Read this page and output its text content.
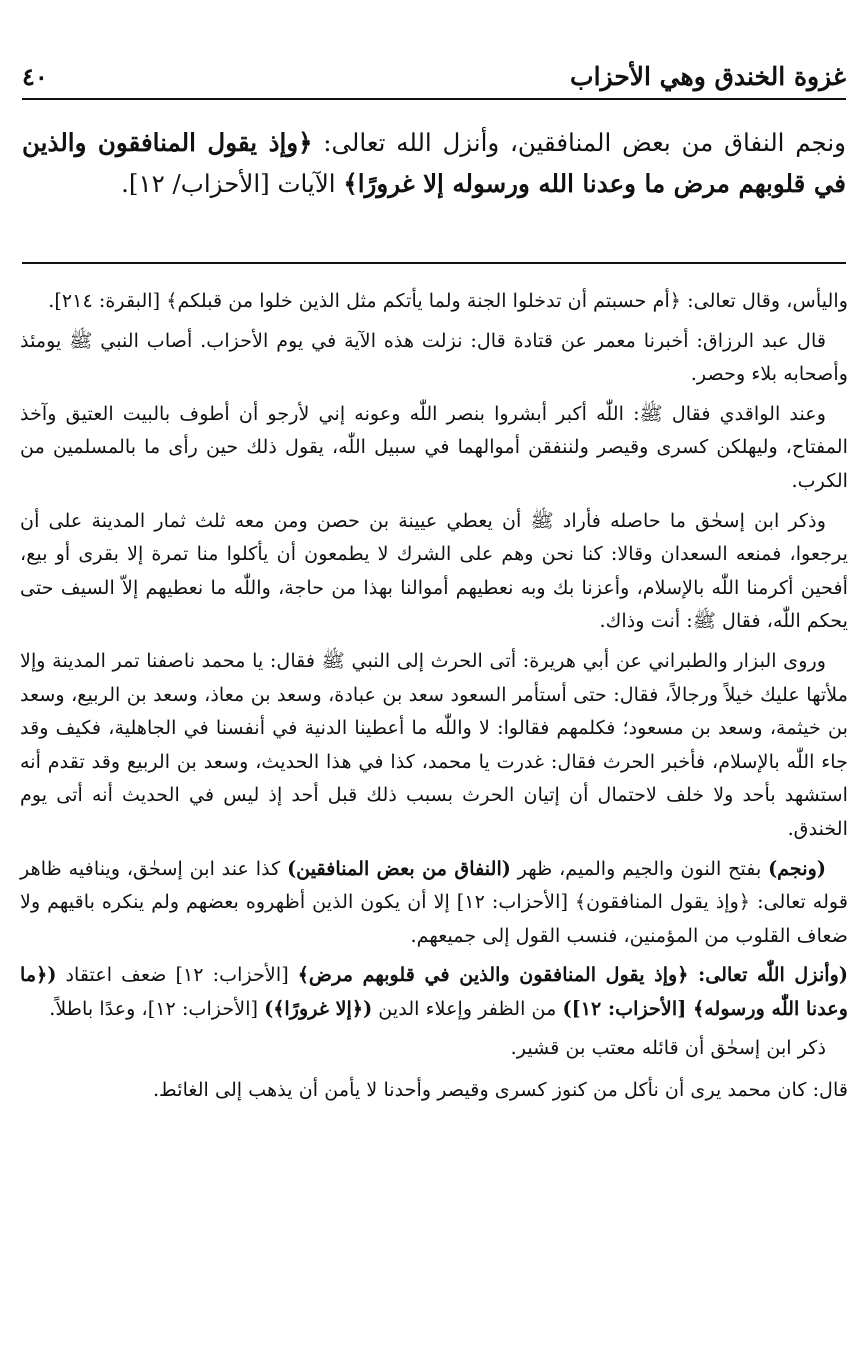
غزوة الخندق وهي الأحزاب
٤٠
ونجم النفاق من بعض المنافقين، وأنزل الله تعالى: ﴿وإذ يقول المنافقون والذين في قلوبهم مرض ما وعدنا الله ورسوله إلا غرورًا﴾ الآيات [الأحزاب/ ١٢].

واليأس، وقال تعالى: ﴿أم حسبتم أن تدخلوا الجنة ولما يأتكم مثل الذين خلوا من قبلكم﴾ [البقرة: ٢١٤].

قال عبد الرزاق: أخبرنا معمر عن قتادة قال: نزلت هذه الآية في يوم الأحزاب. أصاب النبي ﷺ يومئذ وأصحابه بلاء وحصر.

وعند الواقدي فقال ﷺ: اللّٰه أكبر أبشروا بنصر اللّٰه وعونه إني لأرجو أن أطوف بالبيت العتيق وآخذ المفتاح، وليهلكن كسرى وقيصر ولننفقن أموالهما في سبيل اللّٰه، يقول ذلك حين رأى ما بالمسلمين من الكرب.

وذكر ابن إسحٰق ما حاصله فأراد ﷺ أن يعطي عيينة بن حصن ومن معه ثلث ثمار المدينة على أن يرجعوا، فمنعه السعدان وقالا: كنا نحن وهم على الشرك لا يطمعون أن يأكلوا منا تمرة إلا بقرى أو بيع، أفحين أكرمنا اللّٰه بالإسلام، وأعزنا بك وبه نعطيهم أموالنا بهذا من حاجة، واللّٰه ما نعطيهم إلاّ السيف حتى يحكم اللّٰه، فقال ﷺ: أنت وذاك.

وروى البزار والطبراني عن أبي هريرة: أتى الحرث إلى النبي ﷺ فقال: يا محمد ناصفنا تمر المدينة وإلا ملأتها عليك خيلاً ورجالاً، فقال: حتى أستأمر السعود سعد بن عبادة، وسعد بن معاذ، وسعد بن الربيع، وسعد بن خيثمة، وسعد بن مسعود؛ فكلمهم فقالوا: لا واللّٰه ما أعطينا الدنية في أنفسنا في الجاهلية، فكيف وقد جاء اللّٰه بالإسلام، فأخبر الحرث فقال: غدرت يا محمد، كذا في هذا الحديث، وسعد بن الربيع وقد تقدم أنه استشهد بأحد ولا خلف لاحتمال أن إتيان الحرث بسبب ذلك قبل أحد إذ ليس في الحديث أنه أتى يوم الخندق.

(ونجم) بفتح النون والجيم والميم، ظهر (النفاق من بعض المنافقين) كذا عند ابن إسحٰق، وينافيه ظاهر قوله تعالى: ﴿وإذ يقول المنافقون﴾ [الأحزاب: ١٢] إلا أن يكون الذين أظهروه بعضهم ولم ينكره باقيهم ولا ضعاف القلوب من المؤمنين، فنسب القول إلى جميعهم.

(وأنزل اللّٰه تعالى: ﴿وإذ يقول المنافقون والذين في قلوبهم مرض﴾ [الأحزاب: ١٢] ضعف اعتقاد (﴿ما وعدنا اللّٰه ورسوله﴾ [الأحزاب: ١٢]) من الظفر وإعلاء الدين (﴿إلا غرورًا﴾) [الأحزاب: ١٢]، وعدًا باطلاً.

ذكر ابن إسحٰق أن قائله معتب بن قشير.

قال: كان محمد يرى أن نأكل من كنوز كسرى وقيصر وأحدنا لا يأمن أن يذهب إلى الغائط.
